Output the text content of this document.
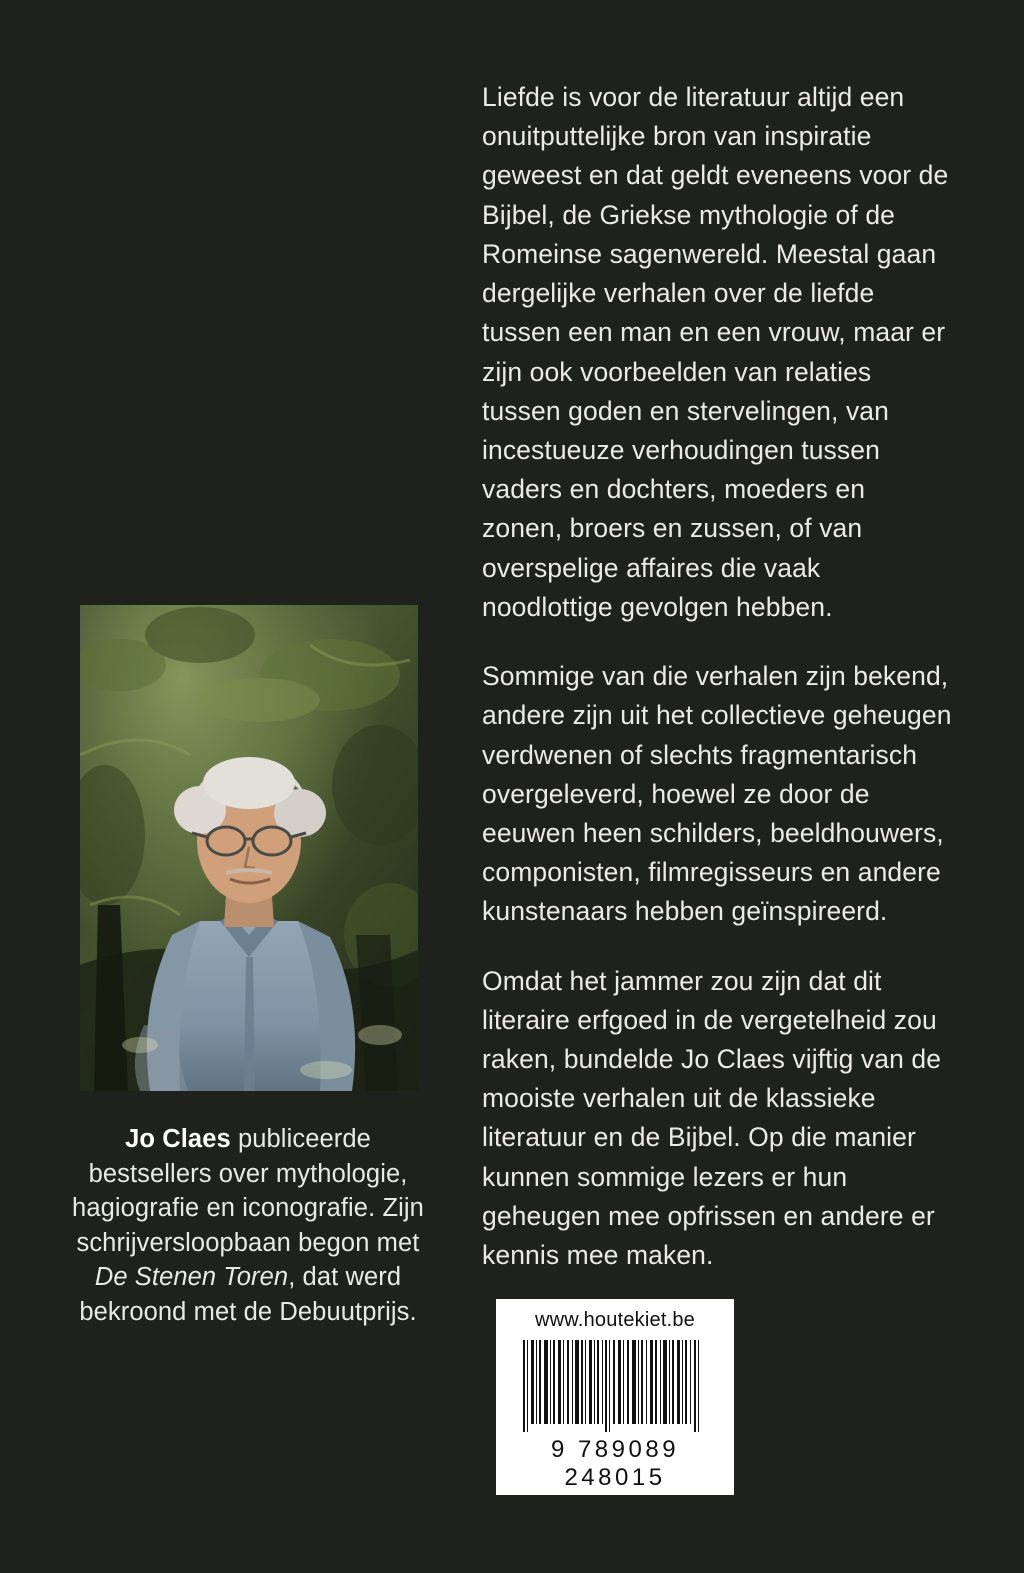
Jo Claes publiceerde bestsellers over mythologie, hagiografie en iconografie. Zijn schrijversloopbaan begon met De Stenen Toren, dat werd bekroond met de Debuutprijs.

Liefde is voor de literatuur altijd een onuitputtelijke bron van inspiratie geweest en dat geldt eveneens voor de Bijbel, de Griekse mythologie of de Romeinse sagenwereld. Meestal gaan dergelijke verhalen over de liefde tussen een man en een vrouw, maar er zijn ook voorbeelden van relaties tussen goden en stervelingen, van incestueuze verhoudingen tussen vaders en dochters, moeders en zonen, broers en zussen, of van overspelige affaires die vaak noodlottige gevolgen hebben.

Sommige van die verhalen zijn bekend, andere zijn uit het collectieve geheugen verdwenen of slechts fragmentarisch overgeleverd, hoewel ze door de eeuwen heen schilders, beeldhouwers, componisten, filmregisseurs en andere kunstenaars hebben geïnspireerd.

Omdat het jammer zou zijn dat dit literaire erfgoed in de vergetelheid zou raken, bundelde Jo Claes vijftig van de mooiste verhalen uit de klassieke literatuur en de Bijbel. Op die manier kunnen sommige lezers er hun geheugen mee opfrissen en andere er kennis mee maken.

www.houtekiet.be
9 789089 248015
